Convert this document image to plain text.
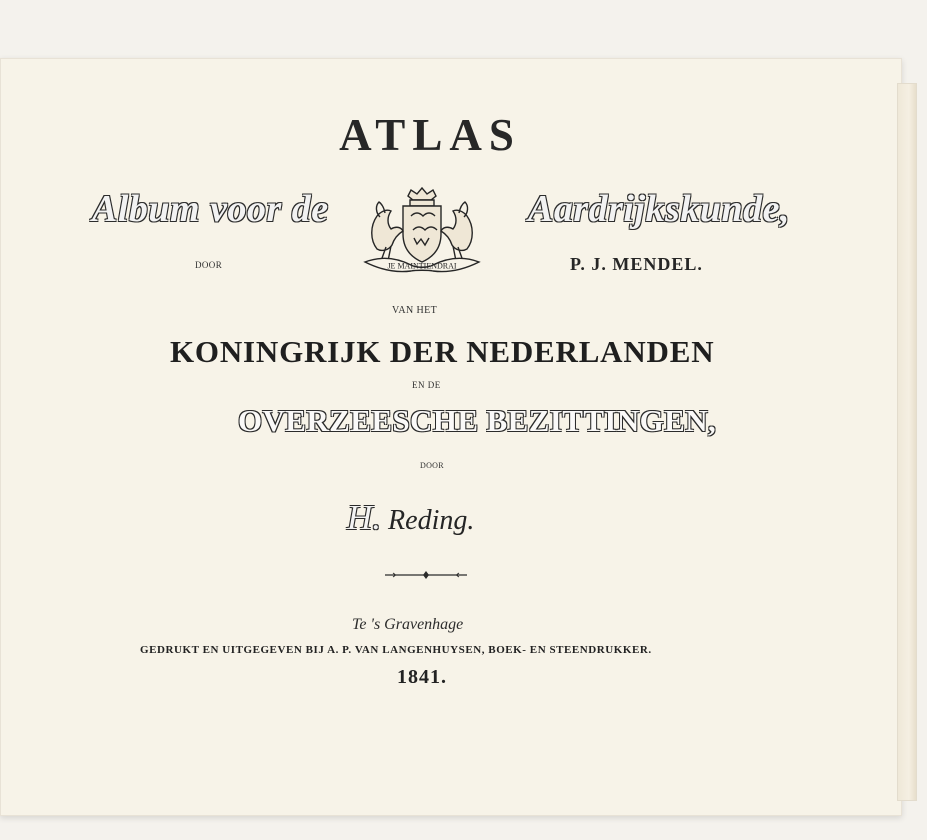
ATLAS
Album voor de	Aardrijkskunde,
DOOR	P. J. MENDEL.
JE MAINTIENDRAI
VAN HET
KONINGRIJK DER NEDERLANDEN
EN DE
OVERZEESCHE BEZITTINGEN,
DOOR
H. Reding.
Te 's Gravenhage
GEDRUKT EN UITGEGEVEN BIJ A. P. VAN LANGENHUYSEN, BOEK- EN STEENDRUKKER.
1841.
